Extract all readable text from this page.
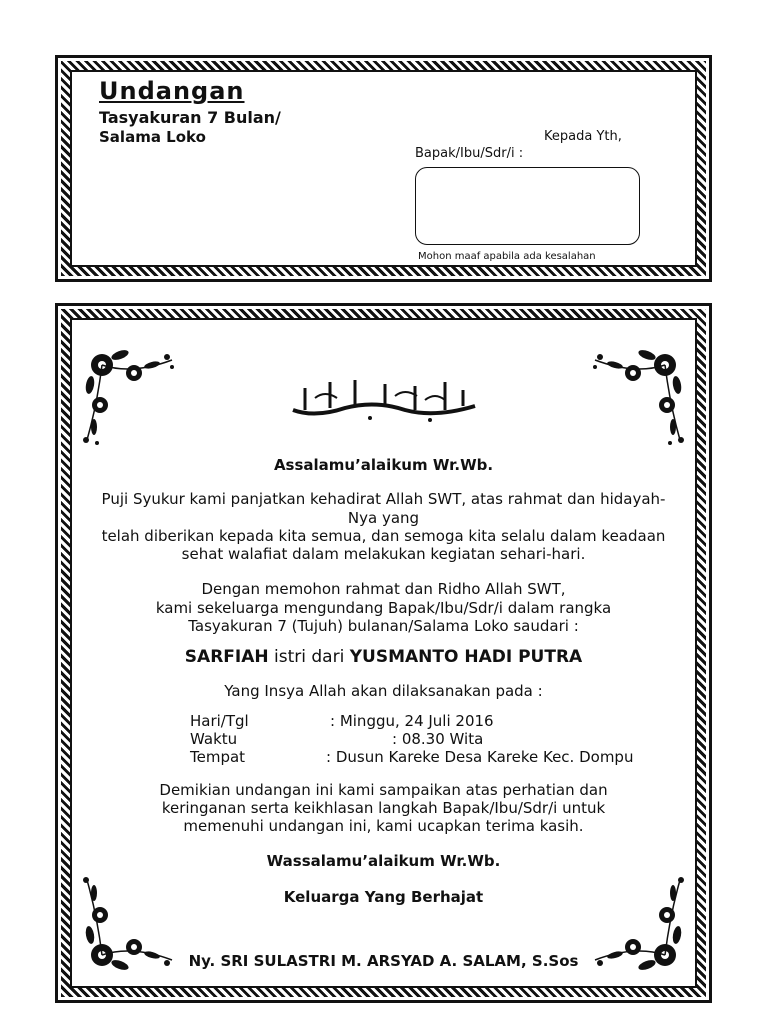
Undangan
Tasyakuran 7 Bulan/
Salama Loko	Kepada Yth,
Bapak/Ibu/Sdr/i :
Mohon maaf apabila ada kesalahan
Assalamu’alaikum Wr.Wb.
Puji Syukur kami panjatkan kehadirat Allah SWT, atas rahmat dan hidayah-
Nya yang
telah diberikan kepada kita semua, dan semoga kita selalu dalam keadaan
sehat walafiat dalam melakukan kegiatan sehari-hari.
Dengan memohon rahmat dan Ridho Allah SWT,
kami sekeluarga mengundang Bapak/Ibu/Sdr/i dalam rangka
Tasyakuran 7 (Tujuh) bulanan/Salama Loko saudari :
SARFIAH istri dari YUSMANTO HADI PUTRA
Yang Insya Allah akan dilaksanakan pada :
Hari/Tgl	: Minggu, 24 Juli 2016
Waktu	: 08.30 Wita
Tempat	: Dusun Kareke Desa Kareke Kec. Dompu
Demikian undangan ini kami sampaikan atas perhatian dan
keringanan serta keikhlasan langkah Bapak/Ibu/Sdr/i untuk
memenuhi undangan ini, kami ucapkan terima kasih.
Wassalamu’alaikum Wr.Wb.
Keluarga Yang Berhajat
Ny. SRI SULASTRI M. ARSYAD A. SALAM, S.Sos
